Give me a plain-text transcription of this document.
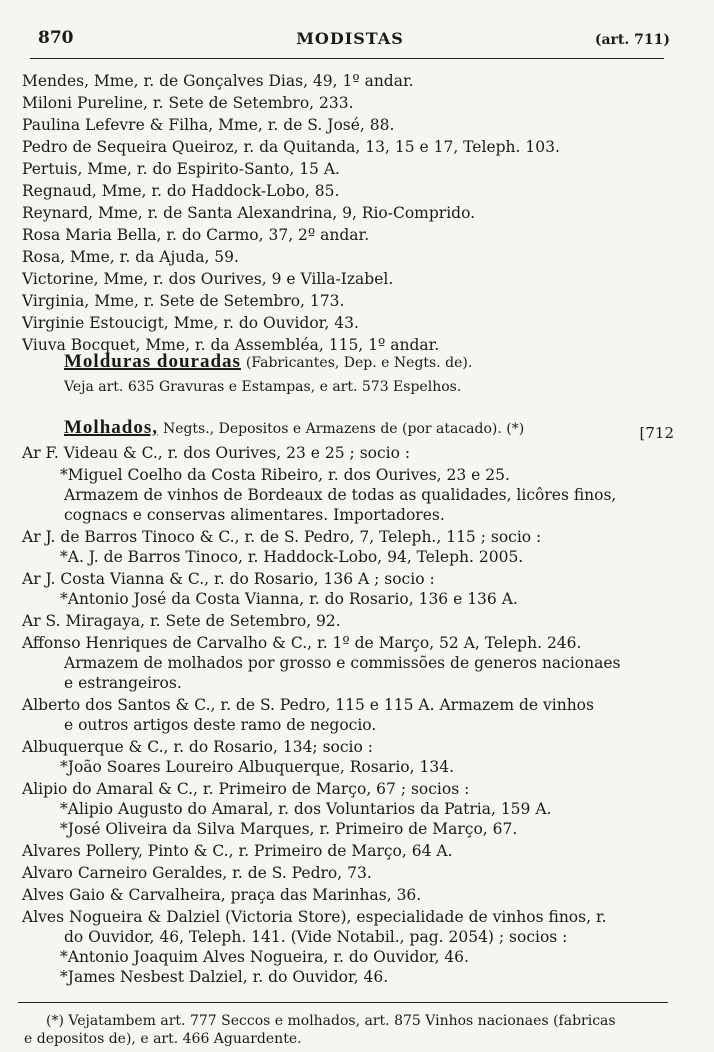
870	MODISTAS	(art. 711)
Mendes, Mme, r. de Gonçalves Dias, 49, 1º andar.
Miloni Pureline, r. Sete de Setembro, 233.
Paulina Lefevre & Filha, Mme, r. de S. José, 88.
Pedro de Sequeira Queiroz, r. da Quitanda, 13, 15 e 17, Teleph. 103.
Pertuis, Mme, r. do Espirito-Santo, 15 A.
Regnaud, Mme, r. do Haddock-Lobo, 85.
Reynard, Mme, r. de Santa Alexandrina, 9, Rio-Comprido.
Rosa Maria Bella, r. do Carmo, 37, 2º andar.
Rosa, Mme, r. da Ajuda, 59.
Victorine, Mme, r. dos Ourives, 9 e Villa-Izabel.
Virginia, Mme, r. Sete de Setembro, 173.
Virginie Estoucigt, Mme, r. do Ouvidor, 43.
Viuva Bocquet, Mme, r. da Assembléa, 115, 1º andar.
Molduras douradas (Fabricantes, Dep. e Negts. de).
Veja art. 635 Gravuras e Estampas, e art. 573 Espelhos.
Molhados, Negts., Depositos e Armazens de (por atacado). (*)	[712
Ar F. Videau & C., r. dos Ourives, 23 e 25 ; socio :
*Miguel Coelho da Costa Ribeiro, r. dos Ourives, 23 e 25.
Armazem de vinhos de Bordeaux de todas as qualidades, licôres finos,
cognacs e conservas alimentares. Importadores.
Ar J. de Barros Tinoco & C., r. de S. Pedro, 7, Teleph., 115 ; socio :
*A. J. de Barros Tinoco, r. Haddock-Lobo, 94, Teleph. 2005.
Ar J. Costa Vianna & C., r. do Rosario, 136 A ; socio :
*Antonio José da Costa Vianna, r. do Rosario, 136 e 136 A.
Ar S. Miragaya, r. Sete de Setembro, 92.
Affonso Henriques de Carvalho & C., r. 1º de Março, 52 A, Teleph. 246.
Armazem de molhados por grosso e commissões de generos nacionaes
e estrangeiros.
Alberto dos Santos & C., r. de S. Pedro, 115 e 115 A. Armazem de vinhos
e outros artigos deste ramo de negocio.
Albuquerque & C., r. do Rosario, 134; socio :
*João Soares Loureiro Albuquerque, Rosario, 134.
Alipio do Amaral & C., r. Primeiro de Março, 67 ; socios :
*Alipio Augusto do Amaral, r. dos Voluntarios da Patria, 159 A.
*José Oliveira da Silva Marques, r. Primeiro de Março, 67.
Alvares Pollery, Pinto & C., r. Primeiro de Março, 64 A.
Alvaro Carneiro Geraldes, r. de S. Pedro, 73.
Alves Gaio & Carvalheira, praça das Marinhas, 36.
Alves Nogueira & Dalziel (Victoria Store), especialidade de vinhos finos, r.
do Ouvidor, 46, Teleph. 141. (Vide Notabil., pag. 2054) ; socios :
*Antonio Joaquim Alves Nogueira, r. do Ouvidor, 46.
*James Nesbest Dalziel, r. do Ouvidor, 46.
(*) Vejatambem art. 777 Seccos e molhados, art. 875 Vinhos nacionaes (fabricas
e depositos de), e art. 466 Aguardente.
